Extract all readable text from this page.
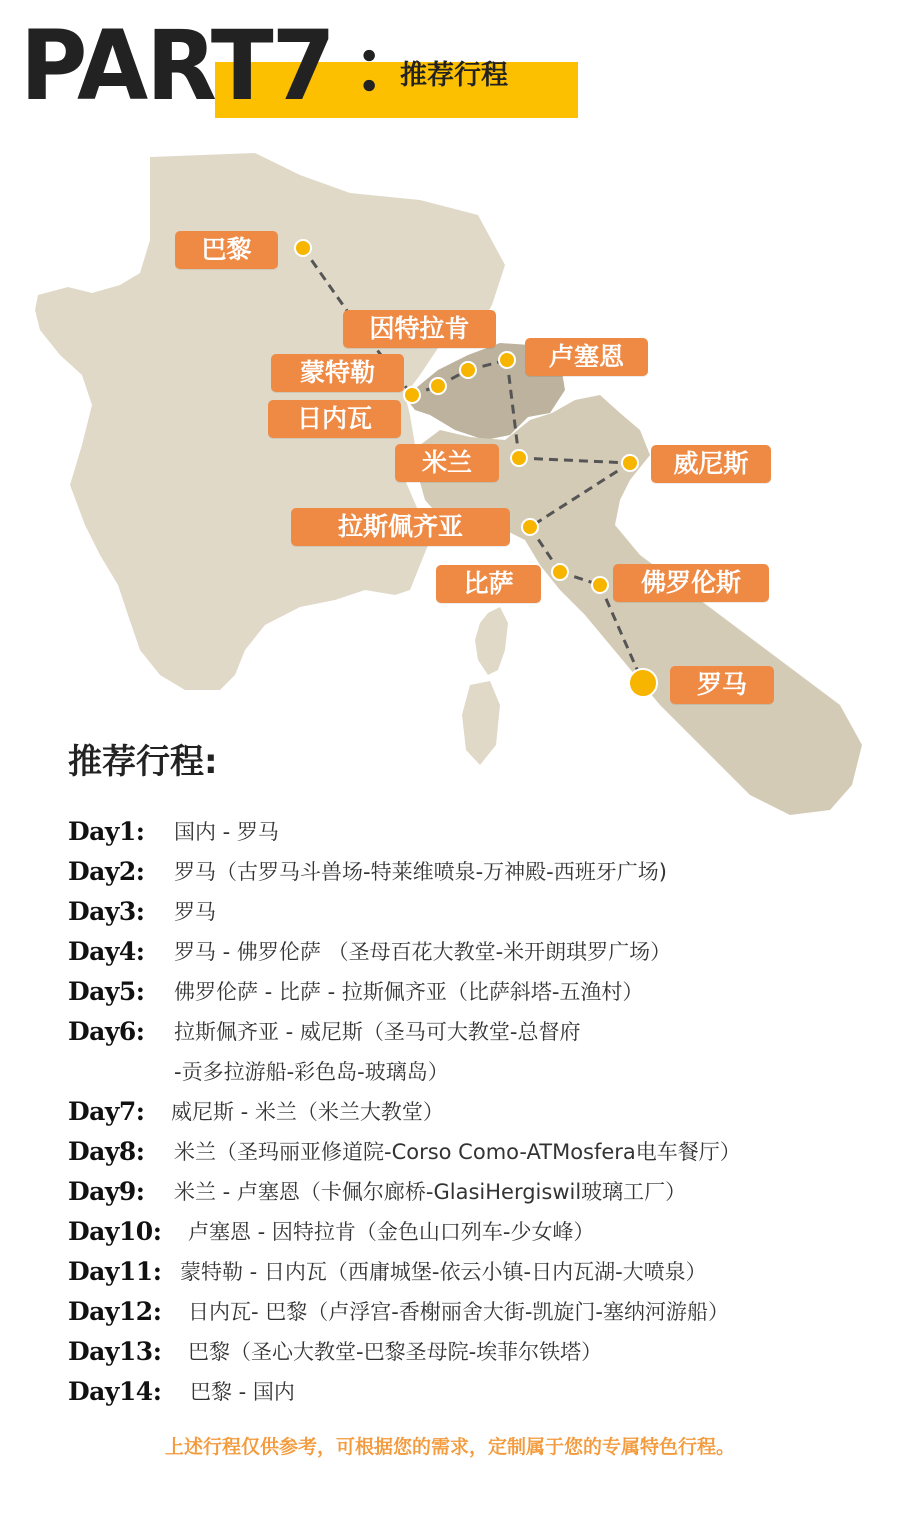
PART7 ：
推荐行程
巴黎
因特拉肯
蒙特勒
日内瓦
卢塞恩
米兰	威尼斯
拉斯佩齐亚
比萨	佛罗伦斯
罗马
推荐行程:
Day1: 国内 - 罗马
Day2: 罗马（古罗马斗兽场-特莱维喷泉-万神殿-西班牙广场)
Day3: 罗马
Day4: 罗马 - 佛罗伦萨 （圣母百花大教堂-米开朗琪罗广场）
Day5: 佛罗伦萨 - 比萨 - 拉斯佩齐亚（比萨斜塔-五渔村）
Day6: 拉斯佩齐亚 - 威尼斯（圣马可大教堂-总督府
-贡多拉游船-彩色岛-玻璃岛）
Day7: 威尼斯 - 米兰（米兰大教堂）
Day8: 米兰（圣玛丽亚修道院-Corso Como-ATMosfera电车餐厅）
Day9: 米兰 - 卢塞恩（卡佩尔廊桥-GlasiHergiswil玻璃工厂）
Day10: 卢塞恩 - 因特拉肯（金色山口列车-少女峰）
Day11: 蒙特勒 - 日内瓦（西庸城堡-依云小镇-日内瓦湖-大喷泉）
Day12: 日内瓦- 巴黎（卢浮宫-香榭丽舍大街-凯旋门-塞纳河游船）
Day13: 巴黎（圣心大教堂-巴黎圣母院-埃菲尔铁塔）
Day14: 巴黎 - 国内
上述行程仅供参考，可根据您的需求，定制属于您的专属特色行程。
